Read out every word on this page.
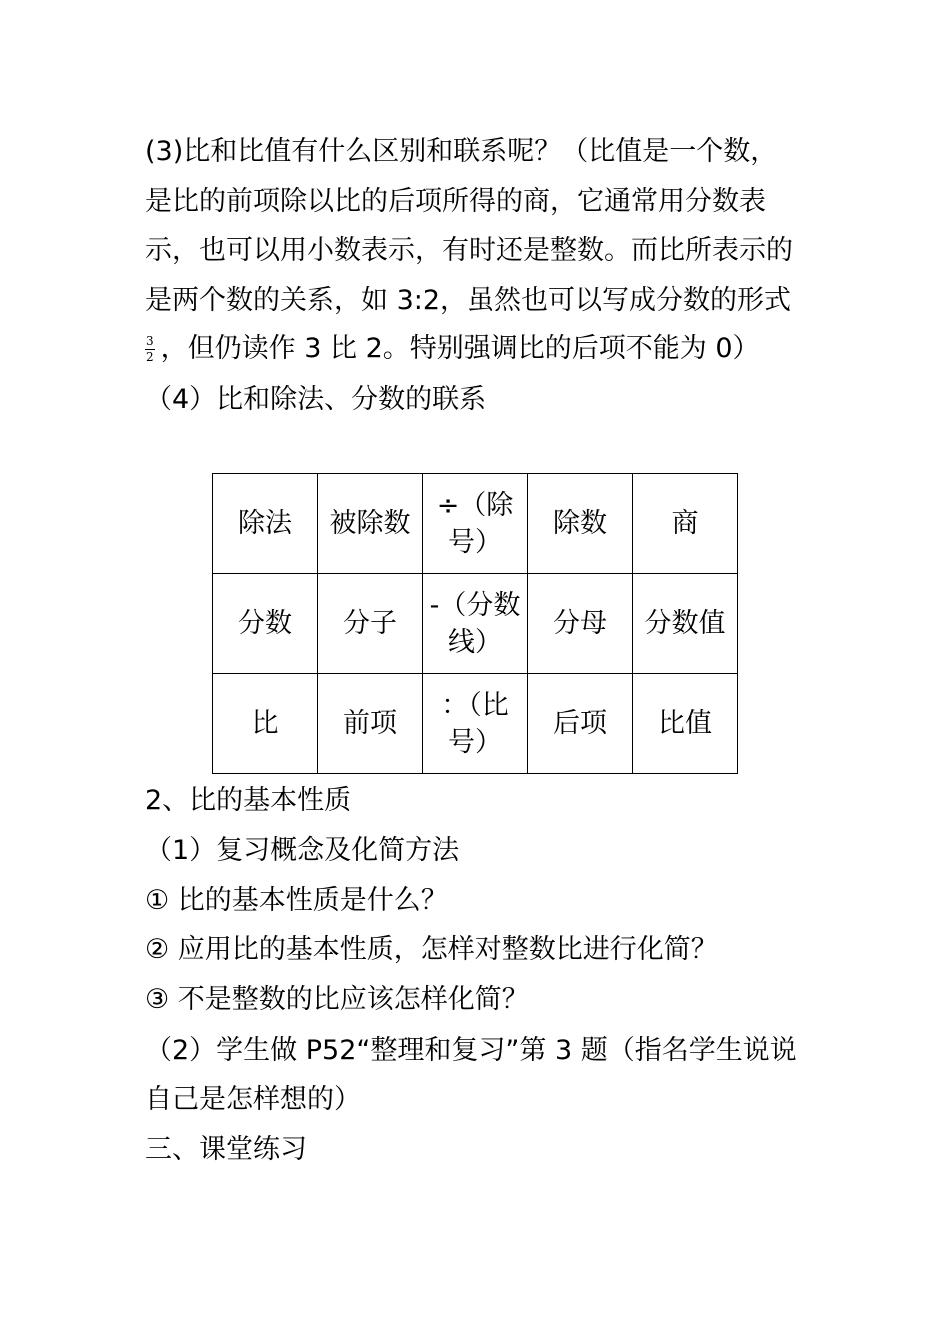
(3)比和比值有什么区别和联系呢？（比值是一个数，
是比的前项除以比的后项所得的商，它通常用分数表
示，也可以用小数表示，有时还是整数。而比所表示的
是两个数的关系，如 3:2，虽然也可以写成分数的形式
$\frac{3}{2}$ ，但仍读作 3 比 2。特别强调比的后项不能为 0）
（4）比和除法、分数的联系
除法	被除数	÷（除号）	除数	商
分数	分子	-（分数线）	分母	分数值
比	前项	：（比号）	后项	比值
2、比的基本性质
（1）复习概念及化简方法
① 比的基本性质是什么？
② 应用比的基本性质，怎样对整数比进行化简？
③ 不是整数的比应该怎样化简？
（2）学生做 P52“整理和复习”第 3 题（指名学生说说
自己是怎样想的）
三、课堂练习
